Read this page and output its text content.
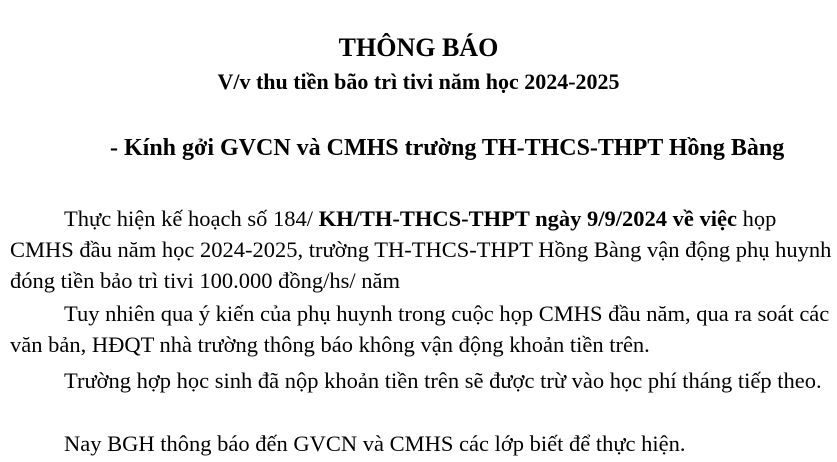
THÔNG BÁO
V/v thu tiền bão trì tivi năm học 2024-2025

- Kính gởi GVCN và CMHS trường TH-THCS-THPT Hồng Bàng

Thực hiện kế hoạch số 184/ KH/TH-THCS-THPT ngày 9/9/2024 về việc họp CMHS đầu năm học 2024-2025, trường TH-THCS-THPT Hồng Bàng vận động phụ huynh đóng tiền bảo trì tivi 100.000 đồng/hs/ năm

Tuy nhiên qua ý kiến của phụ huynh trong cuộc họp CMHS đầu năm, qua ra soát các văn bản, HĐQT nhà trường thông báo không vận động khoản tiền trên.

Trường hợp học sinh đã nộp khoản tiền trên sẽ được trừ vào học phí tháng tiếp theo.

Nay BGH thông báo đến GVCN và CMHS các lớp biết để thực hiện.
